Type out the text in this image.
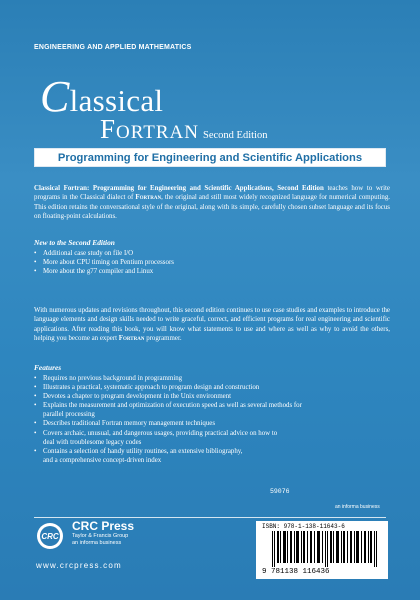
ENGINEERING AND APPLIED MATHEMATICS
Classical
Fortran Second Edition
Programming for Engineering and Scientific Applications
Classical Fortran: Programming for Engineering and Scientific Applications, Second Edition teaches how to write programs in the Classical dialect of Fortran, the original and still most widely recognized language for numerical computing. This edition retains the conversational style of the original, along with its simple, carefully chosen subset language and its focus on floating-point calculations.
New to the Second Edition
• Additional case study on file I/O
• More about CPU timing on Pentium processors
• More about the g77 compiler and Linux
With numerous updates and revisions throughout, this second edition continues to use case studies and examples to introduce the language elements and design skills needed to write graceful, correct, and efficient programs for real engineering and scientific applications. After reading this book, you will know what statements to use and where as well as why to avoid the others, helping you become an expert Fortran programmer.
Features
• Requires no previous background in programming
• Illustrates a practical, systematic approach to program design and construction
• Devotes a chapter to program development in the Unix environment
• Explains the measurement and optimization of execution speed as well as several methods for
parallel processing
• Describes traditional Fortran memory management techniques
• Covers archaic, unusual, and dangerous usages, providing practical advice on how to
deal with troublesome legacy codes
• Contains a selection of handy utility routines, an extensive bibliography,
and a comprehensive concept-driven index
59076
an informa business
ISBN: 978-1-138-11643-6
9 781138 116436
CRC
CRC Press
Taylor & Francis Group
an informa business
www.crcpress.com
